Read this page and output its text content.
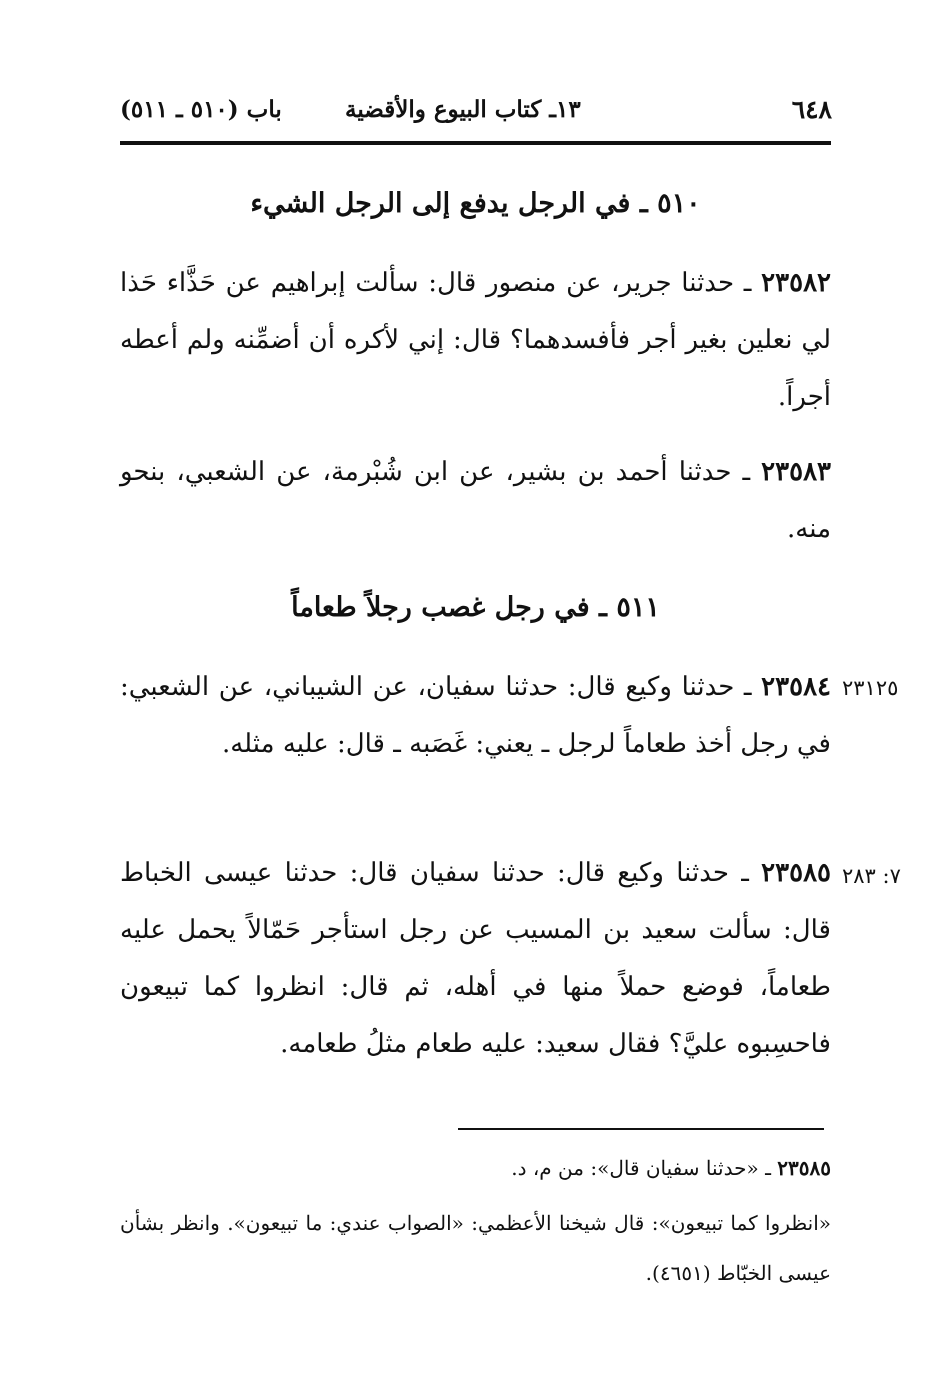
٦٤٨
١٣ـ كتاب البيوع والأقضية
باب (٥١٠ ـ ٥١١)
٥١٠ ـ في الرجل يدفع إلى الرجل الشيء
٢٣٥٨٢ ـ حدثنا جرير، عن منصور قال: سألت إبراهيم عن حَذَّاء حَذا لي نعلين بغير أجر فأفسدهما؟ قال: إني لأكره أن أضمِّنه ولم أعطه أجراً.
٢٣٥٨٣ ـ حدثنا أحمد بن بشير، عن ابن شُبْرمة، عن الشعبي، بنحو منه.
٥١١ ـ في رجل غصب رجلاً طعاماً
٢٣١٢٥
٢٣٥٨٤ ـ حدثنا وكيع قال: حدثنا سفيان، عن الشيباني، عن الشعبي: في رجل أخذ طعاماً لرجل ـ يعني: غَصَبه ـ قال: عليه مثله.
٧: ٢٨٣
٢٣٥٨٥ ـ حدثنا وكيع قال: حدثنا سفيان قال: حدثنا عيسى الخباط قال: سألت سعيد بن المسيب عن رجل استأجر حَمّالاً يحمل عليه طعاماً، فوضع حملاً منها في أهله، ثم قال: انظروا كما تبيعون فاحسِبوه عليَّ؟ فقال سعيد: عليه طعام مثلُ طعامه.
٢٣٥٨٥ ـ «حدثنا سفيان قال»: من م، د.
«انظروا كما تبيعون»: قال شيخنا الأعظمي: «الصواب عندي: ما تبيعون». وانظر بشأن عيسى الخبّاط (٤٦٥١).
